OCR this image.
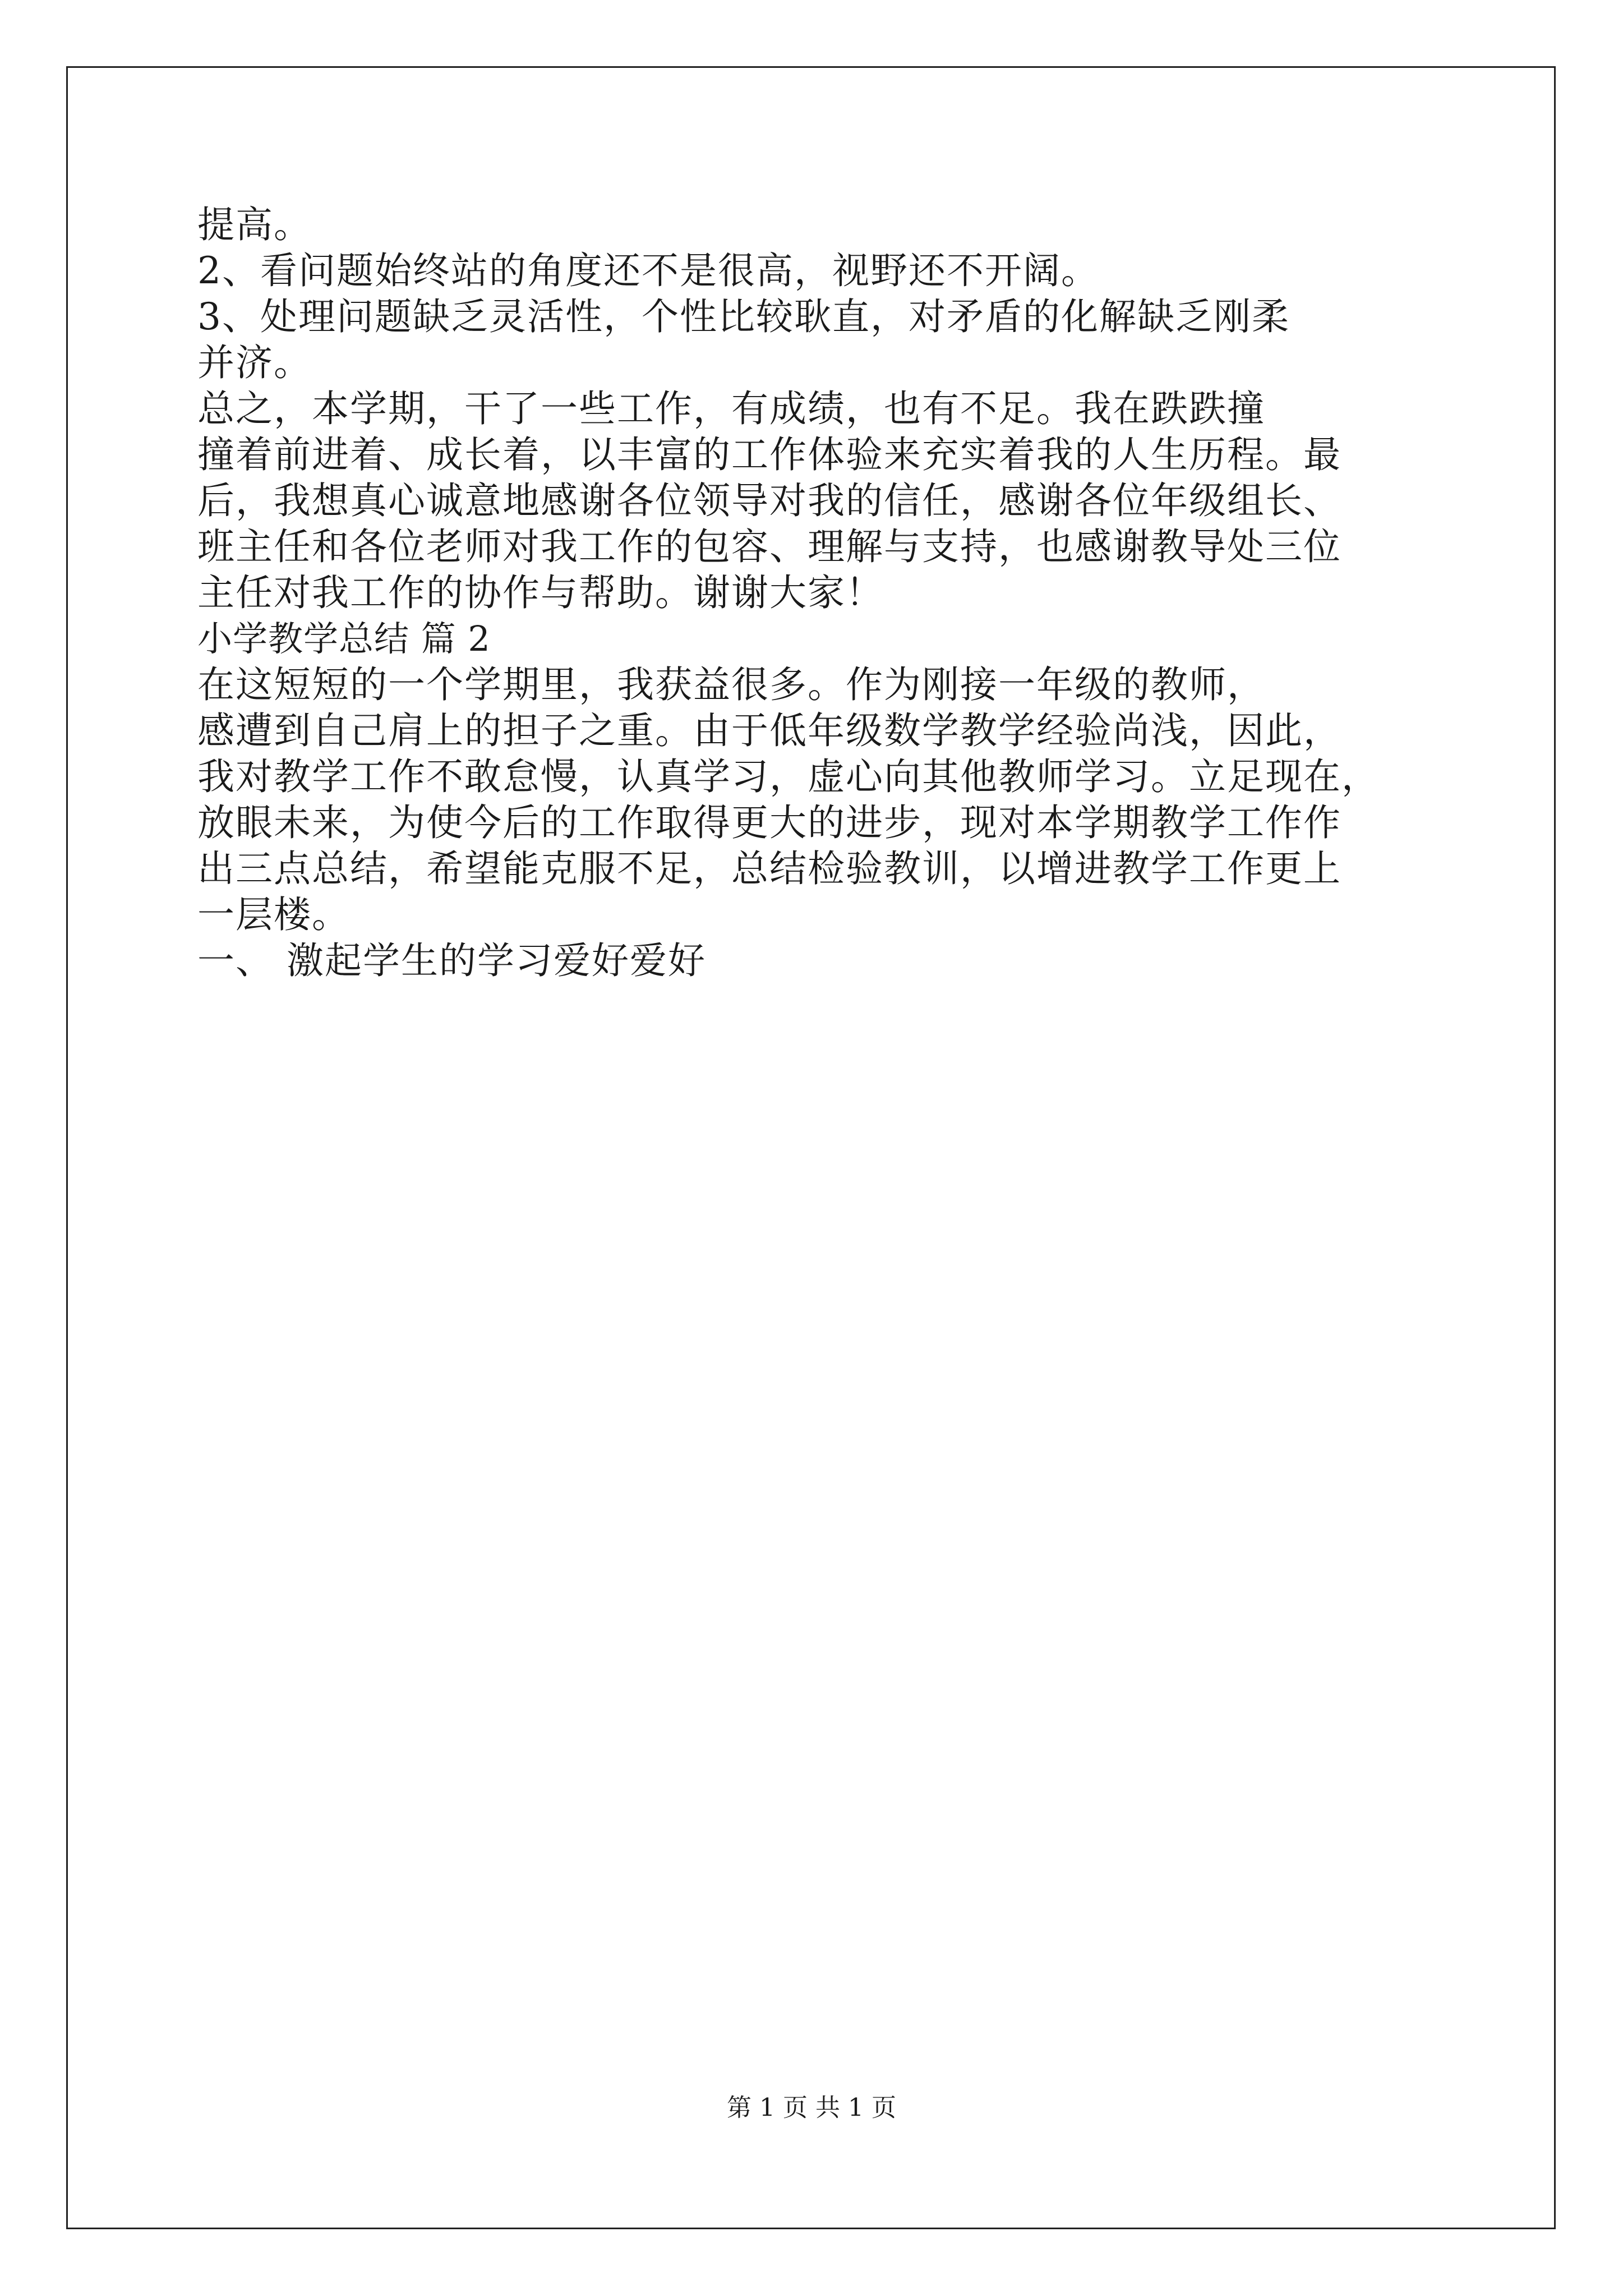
提高。
2、看问题始终站的角度还不是很高，视野还不开阔。
3、处理问题缺乏灵活性，个性比较耿直，对矛盾的化解缺乏刚柔
并济。
总之，本学期，干了一些工作，有成绩，也有不足。我在跌跌撞
撞着前进着、成长着，以丰富的工作体验来充实着我的人生历程。最
后，我想真心诚意地感谢各位领导对我的信任，感谢各位年级组长、
班主任和各位老师对我工作的包容、理解与支持，也感谢教导处三位
主任对我工作的协作与帮助。谢谢大家！
小学教学总结 篇 2
在这短短的一个学期里，我获益很多。作为刚接一年级的教师，
感遭到自己肩上的担子之重。由于低年级数学教学经验尚浅，因此，
我对教学工作不敢怠慢，认真学习，虚心向其他教师学习。立足现在，
放眼未来，为使今后的工作取得更大的进步，现对本学期教学工作作
出三点总结，希望能克服不足，总结检验教训，以增进教学工作更上
一层楼。
一、 激起学生的学习爱好爱好
第 1 页 共 1 页
